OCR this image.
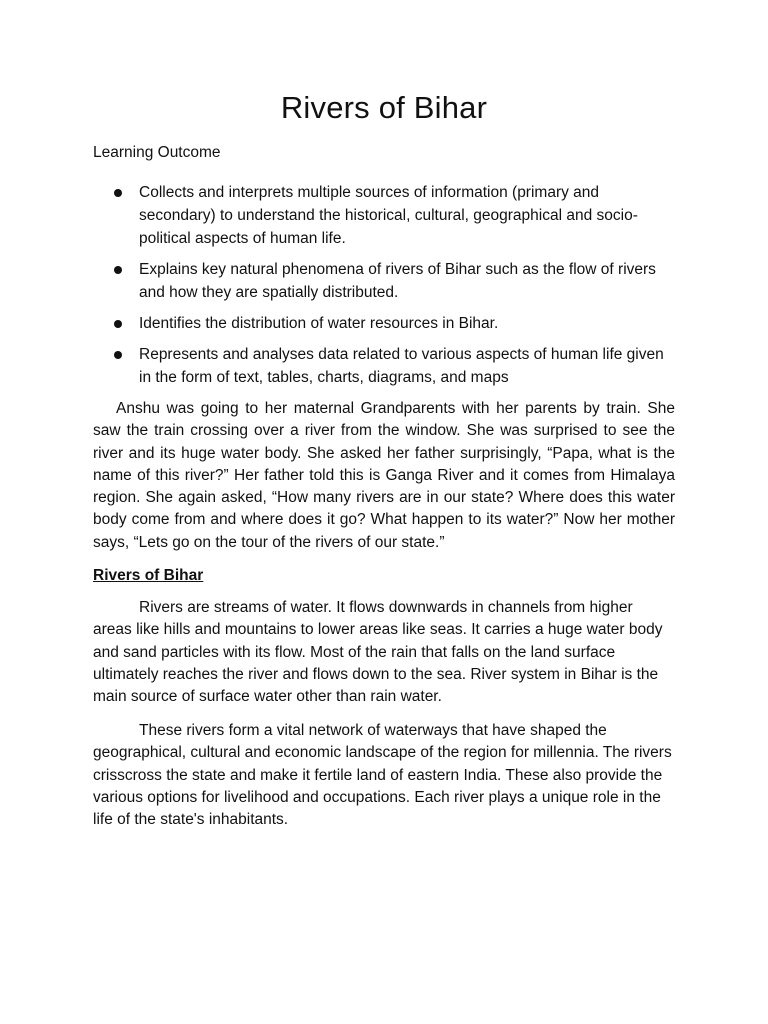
Rivers of Bihar

Learning Outcome

Collects and interprets multiple sources of information (primary and secondary) to understand the historical, cultural, geographical and socio-political aspects of human life.
Explains key natural phenomena of rivers of Bihar such as the flow of rivers and how they are spatially distributed.
Identifies the distribution of water resources in Bihar.
Represents and analyses data related to various aspects of human life given in the form of text, tables, charts, diagrams, and maps

Anshu was going to her maternal Grandparents with her parents by train. She saw the train crossing over a river from the window. She was surprised to see the river and its huge water body. She asked her father surprisingly, “Papa, what is the name of this river?” Her father told this is Ganga River and it comes from Himalaya region. She again asked, “How many rivers are in our state? Where does this water body come from and where does it go? What happen to its water?” Now her mother says, “Lets go on the tour of the rivers of our state.”

Rivers of Bihar

Rivers are streams of water. It flows downwards in channels from higher areas like hills and mountains to lower areas like seas. It carries a huge water body and sand particles with its flow. Most of the rain that falls on the land surface ultimately reaches the river and flows down to the sea. River system in Bihar is the main source of surface water other than rain water.

These rivers form a vital network of waterways that have shaped the geographical, cultural and economic landscape of the region for millennia. The rivers crisscross the state and make it fertile land of eastern India. These also provide the various options for livelihood and occupations. Each river plays a unique role in the life of the state's inhabitants.
